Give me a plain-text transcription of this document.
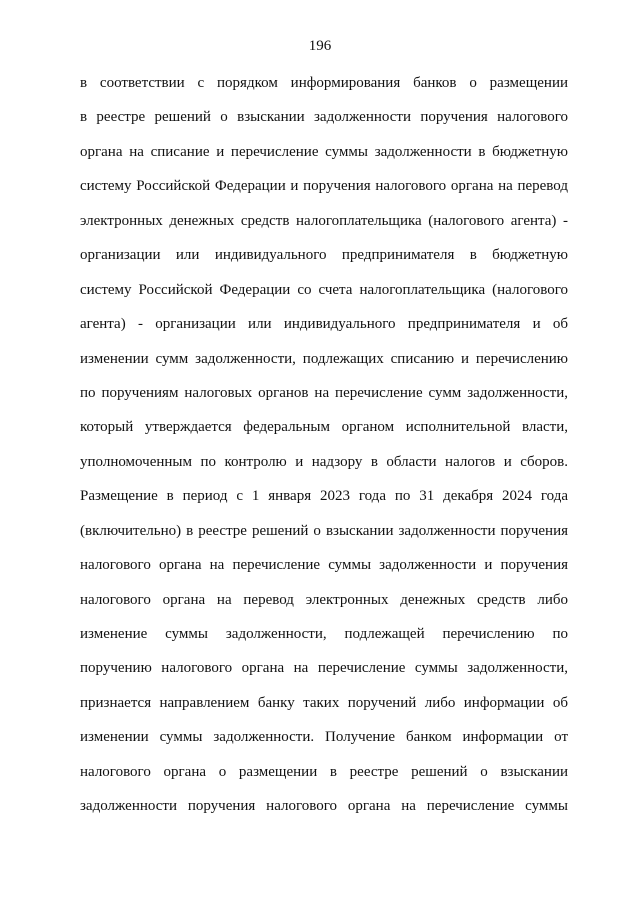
196
в соответствии с порядком информирования банков о размещении
в реестре решений о взыскании задолженности поручения налогового
органа на списание и перечисление суммы задолженности в бюджетную
систему Российской Федерации и поручения налогового органа на перевод
электронных денежных средств налогоплательщика (налогового агента) -
организации или индивидуального предпринимателя в бюджетную
систему Российской Федерации со счета налогоплательщика (налогового
агента) - организации или индивидуального предпринимателя и об
изменении сумм задолженности, подлежащих списанию и перечислению
по поручениям налоговых органов на перечисление сумм задолженности,
который утверждается федеральным органом исполнительной власти,
уполномоченным по контролю и надзору в области налогов и сборов.
Размещение в период с 1 января 2023 года по 31 декабря 2024 года
(включительно) в реестре решений о взыскании задолженности поручения
налогового органа на перечисление суммы задолженности и поручения
налогового органа на перевод электронных денежных средств либо
изменение суммы задолженности, подлежащей перечислению по
поручению налогового органа на перечисление суммы задолженности,
признается направлением банку таких поручений либо информации об
изменении суммы задолженности. Получение банком информации от
налогового органа о размещении в реестре решений о взыскании
задолженности поручения налогового органа на перечисление суммы
